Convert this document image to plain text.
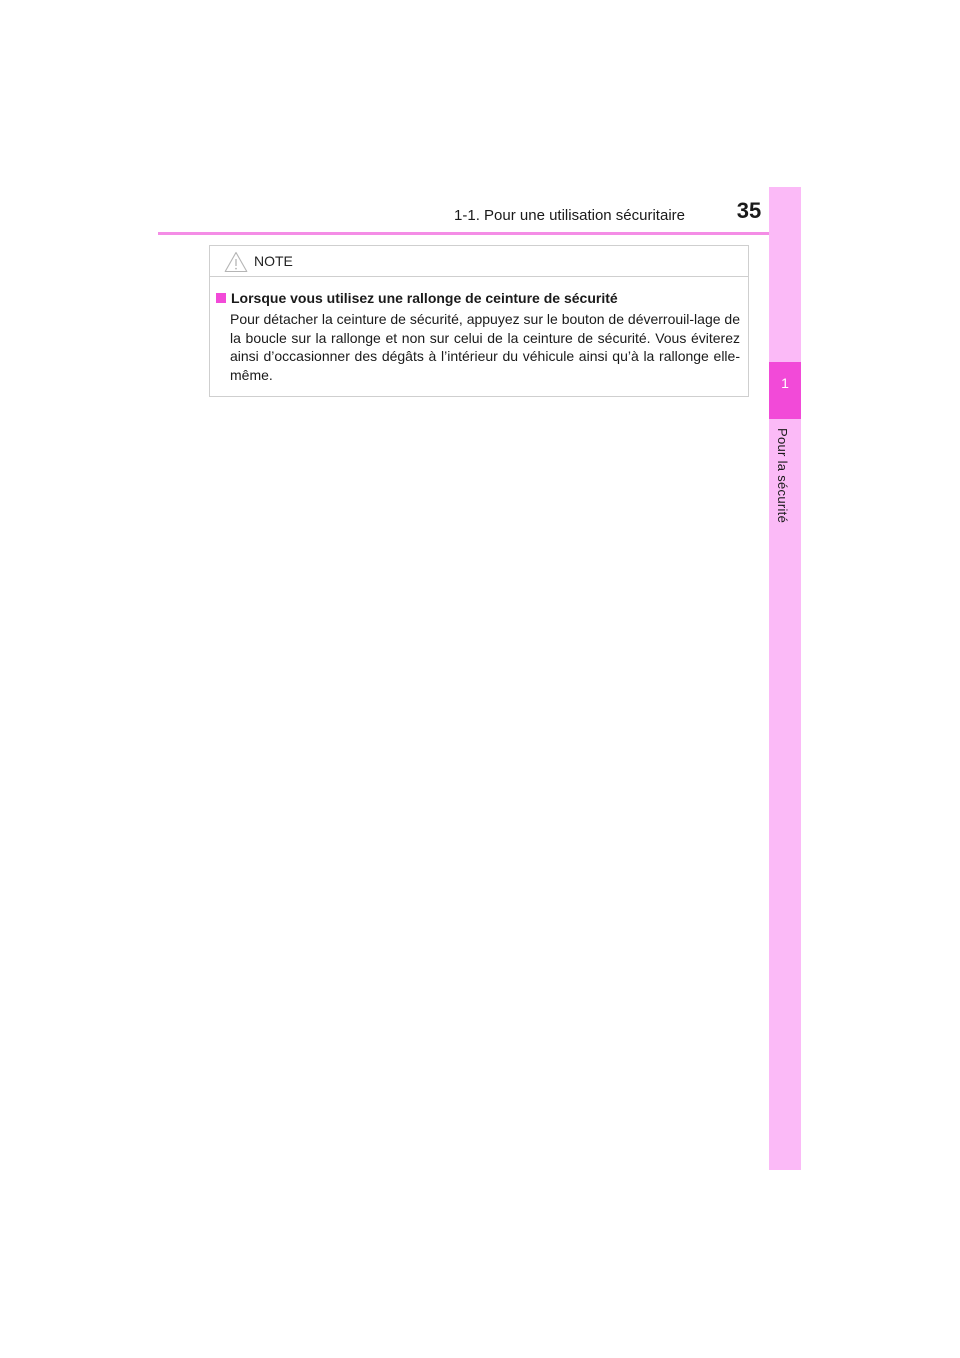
1-1. Pour une utilisation sécuritaire 35
1
Pour la sécurité
NOTE
Lorsque vous utilisez une rallonge de ceinture de sécurité

Pour détacher la ceinture de sécurité, appuyez sur le bouton de déverrouil-lage de la boucle sur la rallonge et non sur celui de la ceinture de sécurité. Vous éviterez ainsi d’occasionner des dégâts à l’intérieur du véhicule ainsi qu’à la rallonge elle-même.
